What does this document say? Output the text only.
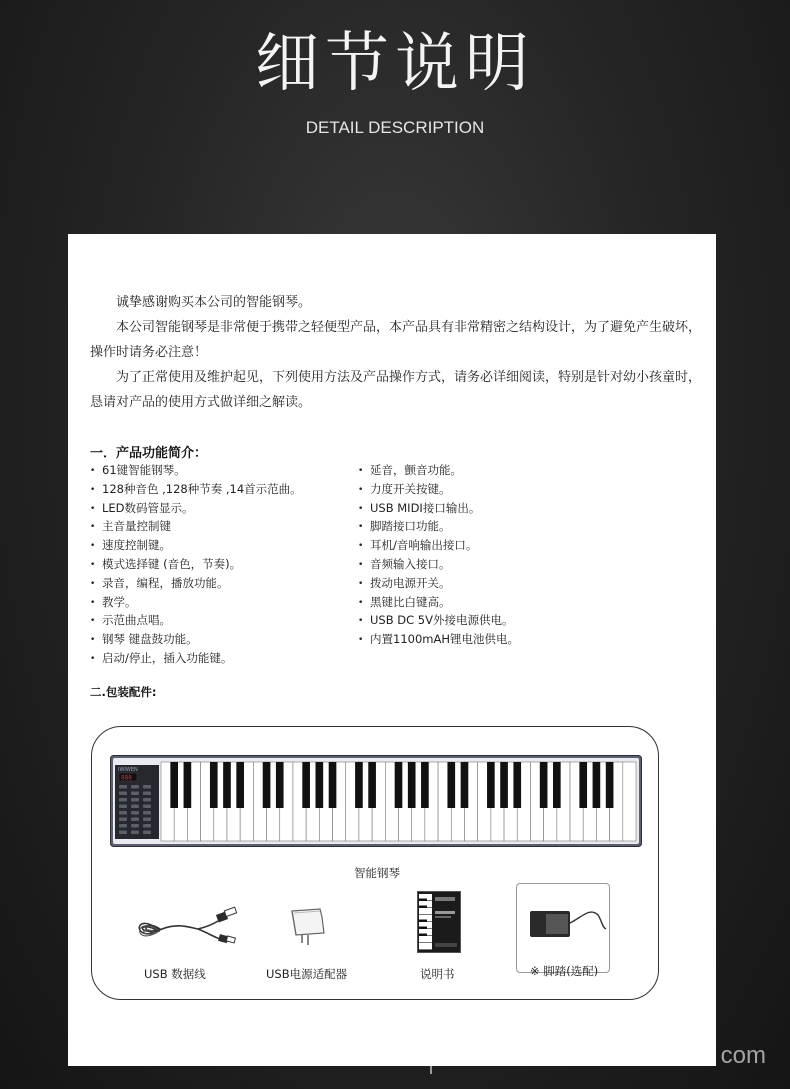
细节说明
DETAIL DESCRIPTION

诚挚感谢购买本公司的智能钢琴。

本公司智能钢琴是非常便于携带之轻便型产品，本产品具有非常精密之结构设计，为了避免产生破坏，操作时请务必注意！

为了正常使用及维护起见，下列使用方法及产品操作方式，请务必详细阅读，特别是针对幼小孩童时，恳请对产品的使用方式做详细之解读。

一．产品功能简介：
• 61键智能钢琴。
• 128种音色 ,128种节奏 ,14首示范曲。
• LED数码管显示。
• 主音量控制键
• 速度控制键。
• 模式选择键 (音色，节奏)。
• 录音，编程，播放功能。
• 教学。
• 示范曲点唱。
• 钢琴 键盘鼓功能。
• 启动/停止，插入功能键。
• 延音，颤音功能。
• 力度开关按键。
• USB MIDI接口输出。
• 脚踏接口功能。
• 耳机/音响输出接口。
• 音频输入接口。
• 拨动电源开关。
• 黑键比白键高。
• USB DC 5V外接电源供电。
• 内置1100mAH锂电池供电。
二.包装配件:
IWIWEN
888
智能钢琴
USB 数据线	USB电源适配器	说明书	※ 脚踏(选配)
com
